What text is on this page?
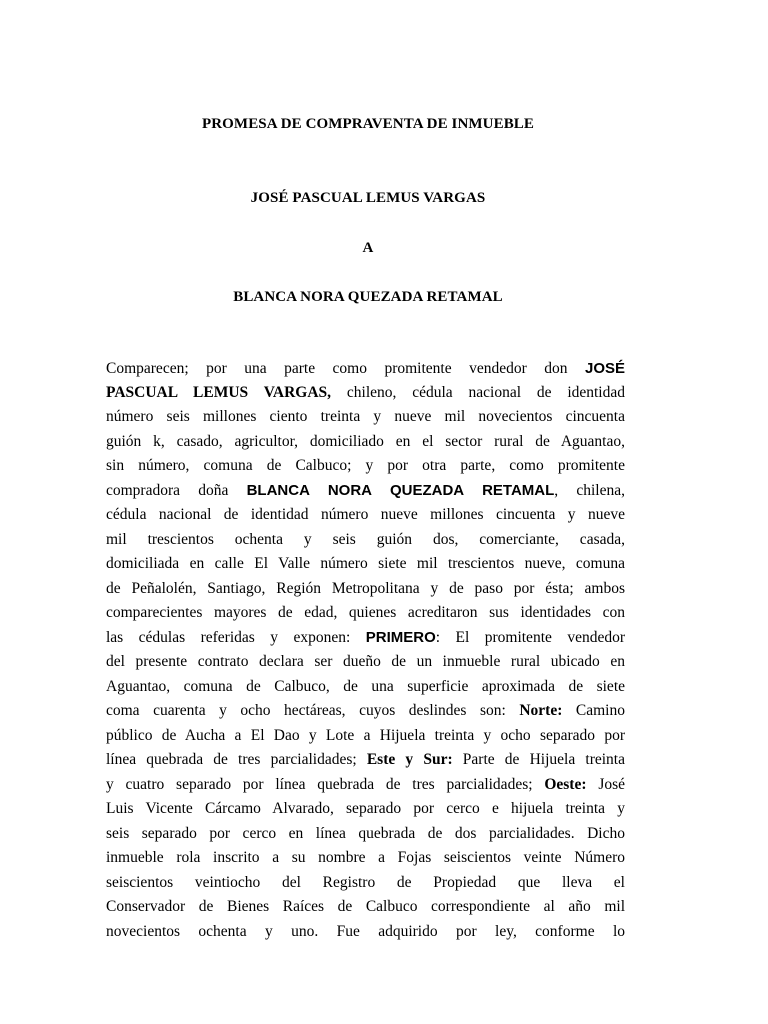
PROMESA DE COMPRAVENTA DE INMUEBLE
JOSÉ PASCUAL LEMUS VARGAS
A
BLANCA NORA QUEZADA RETAMAL
Comparecen; por una parte como promitente vendedor don JOSÉ
PASCUAL LEMUS VARGAS, chileno, cédula nacional de identidad
número seis millones ciento treinta y nueve mil novecientos cincuenta
guión k, casado, agricultor, domiciliado en el sector rural de Aguantao,
sin número, comuna de Calbuco; y por otra parte, como promitente
compradora doña BLANCA NORA QUEZADA RETAMAL, chilena,
cédula nacional de identidad número nueve millones cincuenta y nueve
mil trescientos ochenta y seis guión dos, comerciante, casada,
domiciliada en calle El Valle número siete mil trescientos nueve, comuna
de Peñalolén, Santiago, Región Metropolitana y de paso por ésta; ambos
comparecientes mayores de edad, quienes acreditaron sus identidades con
las cédulas referidas y exponen: PRIMERO: El promitente vendedor
del presente contrato declara ser dueño de un inmueble rural ubicado en
Aguantao, comuna de Calbuco, de una superficie aproximada de siete
coma cuarenta y ocho hectáreas, cuyos deslindes son: Norte: Camino
público de Aucha a El Dao y Lote a Hijuela treinta y ocho separado por
línea quebrada de tres parcialidades; Este y Sur: Parte de Hijuela treinta
y cuatro separado por línea quebrada de tres parcialidades; Oeste: José
Luis Vicente Cárcamo Alvarado, separado por cerco e hijuela treinta y
seis separado por cerco en línea quebrada de dos parcialidades. Dicho
inmueble rola inscrito a su nombre a Fojas seiscientos veinte Número
seiscientos veintiocho del Registro de Propiedad que lleva el
Conservador de Bienes Raíces de Calbuco correspondiente al año mil
novecientos ochenta y uno. Fue adquirido por ley, conforme lo
